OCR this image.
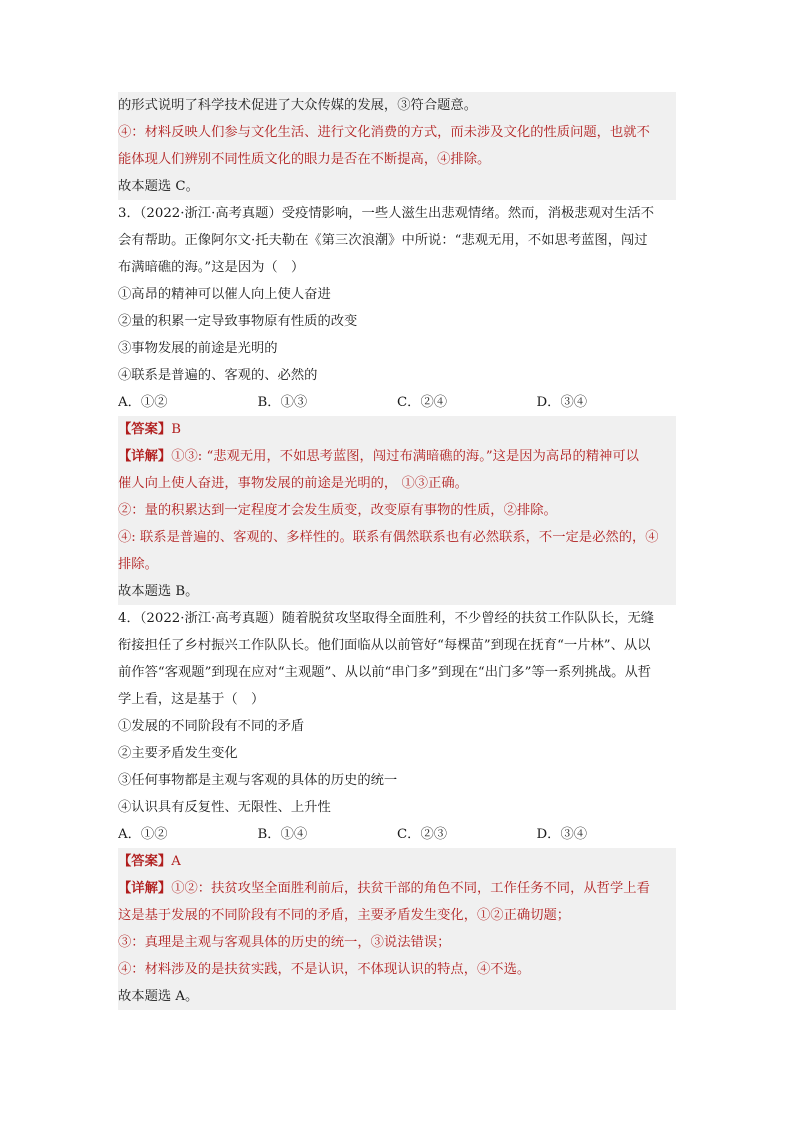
的形式说明了科学技术促进了大众传媒的发展，③符合题意。
④：材料反映人们参与文化生活、进行文化消费的方式，而未涉及文化的性质问题，也就不
能体现人们辨别不同性质文化的眼力是否在不断提高，④排除。
故本题选 C。
3．（2022·浙江·高考真题）受疫情影响，一些人滋生出悲观情绪。然而，消极悲观对生活不
会有帮助。正像阿尔文·托夫勒在《第三次浪潮》中所说：“悲观无用，不如思考蓝图，闯过
布满暗礁的海。”这是因为（　）
①高昂的精神可以催人向上使人奋进
②量的积累一定导致事物原有性质的改变
③事物发展的前途是光明的
④联系是普遍的、客观的、必然的
A．①②	B．①③	C．②④	D．③④
【答案】B
【详解】①③: “悲观无用，不如思考蓝图，闯过布满暗礁的海。”这是因为高昂的精神可以
催人向上使人奋进，事物发展的前途是光明的， ①③正确。
②：量的积累达到一定程度才会发生质变，改变原有事物的性质，②排除。
④: 联系是普遍的、客观的、多样性的。联系有偶然联系也有必然联系，不一定是必然的，④
排除。
故本题选 B。
4．（2022·浙江·高考真题）随着脱贫攻坚取得全面胜利，不少曾经的扶贫工作队队长，无缝
衔接担任了乡村振兴工作队队长。他们面临从以前管好“每棵苗”到现在抚育“一片林”、从以
前作答“客观题”到现在应对“主观题”、从以前“串门多”到现在“出门多”等一系列挑战。从哲
学上看，这是基于（　）
①发展的不同阶段有不同的矛盾
②主要矛盾发生变化
③任何事物都是主观与客观的具体的历史的统一
④认识具有反复性、无限性、上升性
A．①②	B．①④	C．②③	D．③④
【答案】A
【详解】①②：扶贫攻坚全面胜利前后，扶贫干部的角色不同，工作任务不同，从哲学上看
这是基于发展的不同阶段有不同的矛盾，主要矛盾发生变化，①②正确切题；
③：真理是主观与客观具体的历史的统一，③说法错误；
④：材料涉及的是扶贫实践，不是认识，不体现认识的特点，④不选。
故本题选 A。
